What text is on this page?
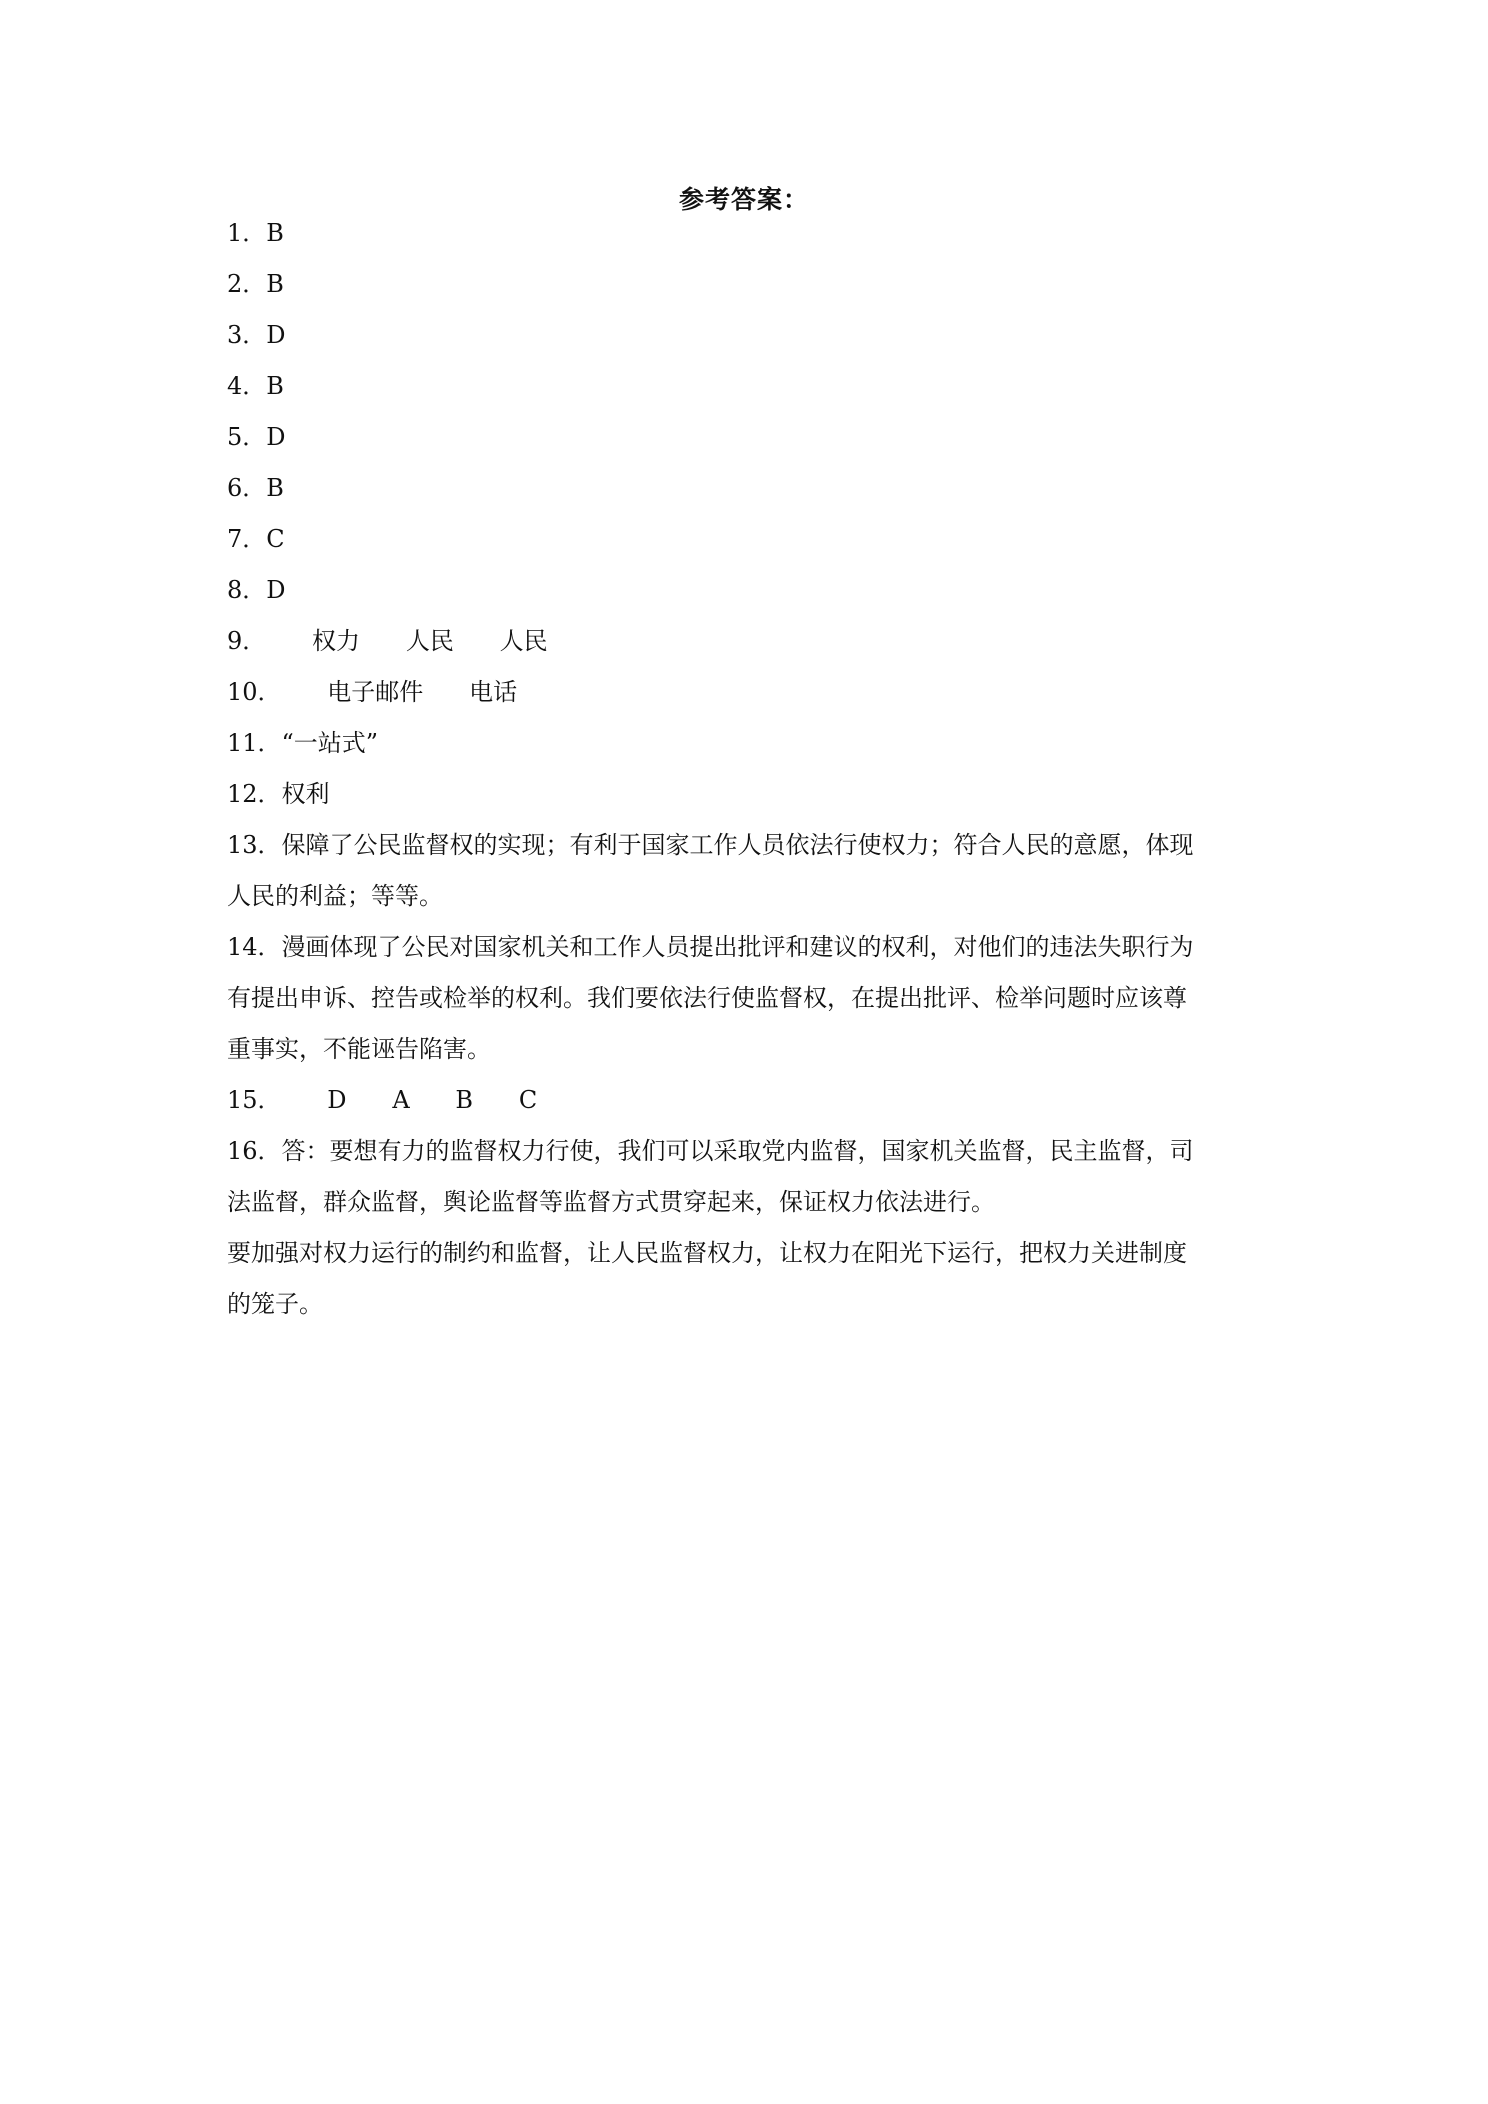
参考答案：
1．B
2．B
3．D
4．B
5．D
6．B
7．C
8．D
9．      权力      人民      人民
10．      电子邮件      电话
11．“一站式”
12．权利
13．保障了公民监督权的实现；有利于国家工作人员依法行使权力；符合人民的意愿，体现
人民的利益；等等。
14．漫画体现了公民对国家机关和工作人员提出批评和建议的权利，对他们的违法失职行为
有提出申诉、控告或检举的权利。我们要依法行使监督权，在提出批评、检举问题时应该尊
重事实，不能诬告陷害。
15．      D      A      B      C
16．答：要想有力的监督权力行使，我们可以采取党内监督，国家机关监督，民主监督，司
法监督，群众监督，舆论监督等监督方式贯穿起来，保证权力依法进行。
要加强对权力运行的制约和监督，让人民监督权力，让权力在阳光下运行，把权力关进制度
的笼子。
